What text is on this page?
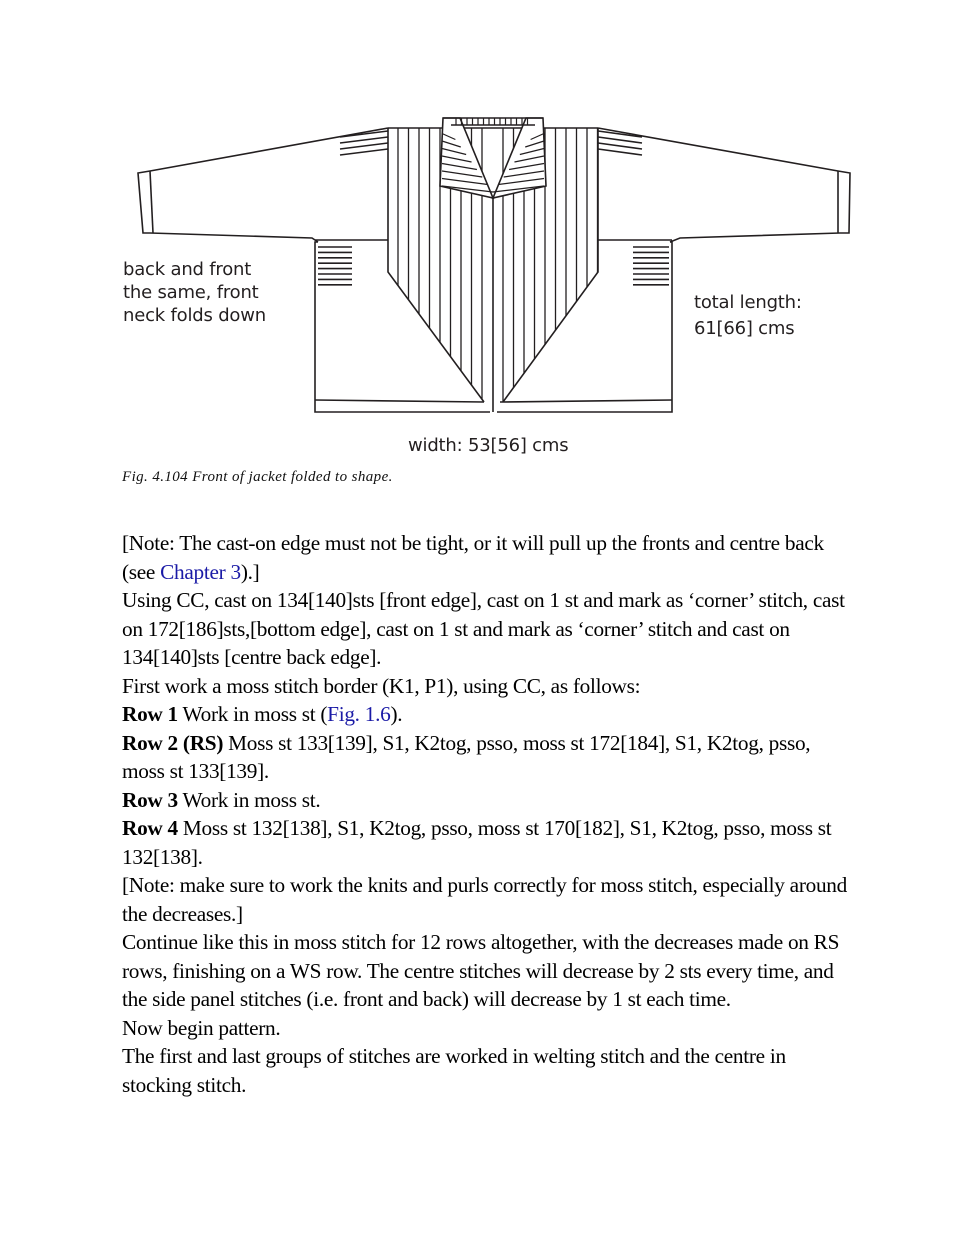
back and front
the same, front
neck folds down
total length:
61[66] cms
width: 53[56] cms
Fig. 4.104 Front of jacket folded to shape.

[Note: The cast-on edge must not be tight, or it will pull up the fronts and centre back (see Chapter 3).]

Using CC, cast on 134[140]sts [front edge], cast on 1 st and mark as ‘corner’ stitch, cast on 172[186]sts,[bottom edge], cast on 1 st and mark as ‘corner’ stitch and cast on 134[140]sts [centre back edge].

First work a moss stitch border (K1, P1), using CC, as follows:

Row 1 Work in moss st (Fig. 1.6).

Row 2 (RS) Moss st 133[139], S1, K2tog, psso, moss st 172[184], S1, K2tog, psso, moss st 133[139].

Row 3 Work in moss st.

Row 4 Moss st 132[138], S1, K2tog, psso, moss st 170[182], S1, K2tog, psso, moss st 132[138].

[Note: make sure to work the knits and purls correctly for moss stitch, especially around the decreases.]

Continue like this in moss stitch for 12 rows altogether, with the decreases made on RS rows, finishing on a WS row. The centre stitches will decrease by 2 sts every time, and the side panel stitches (i.e. front and back) will decrease by 1 st each time.

Now begin pattern.

The first and last groups of stitches are worked in welting stitch and the centre in stocking stitch.
